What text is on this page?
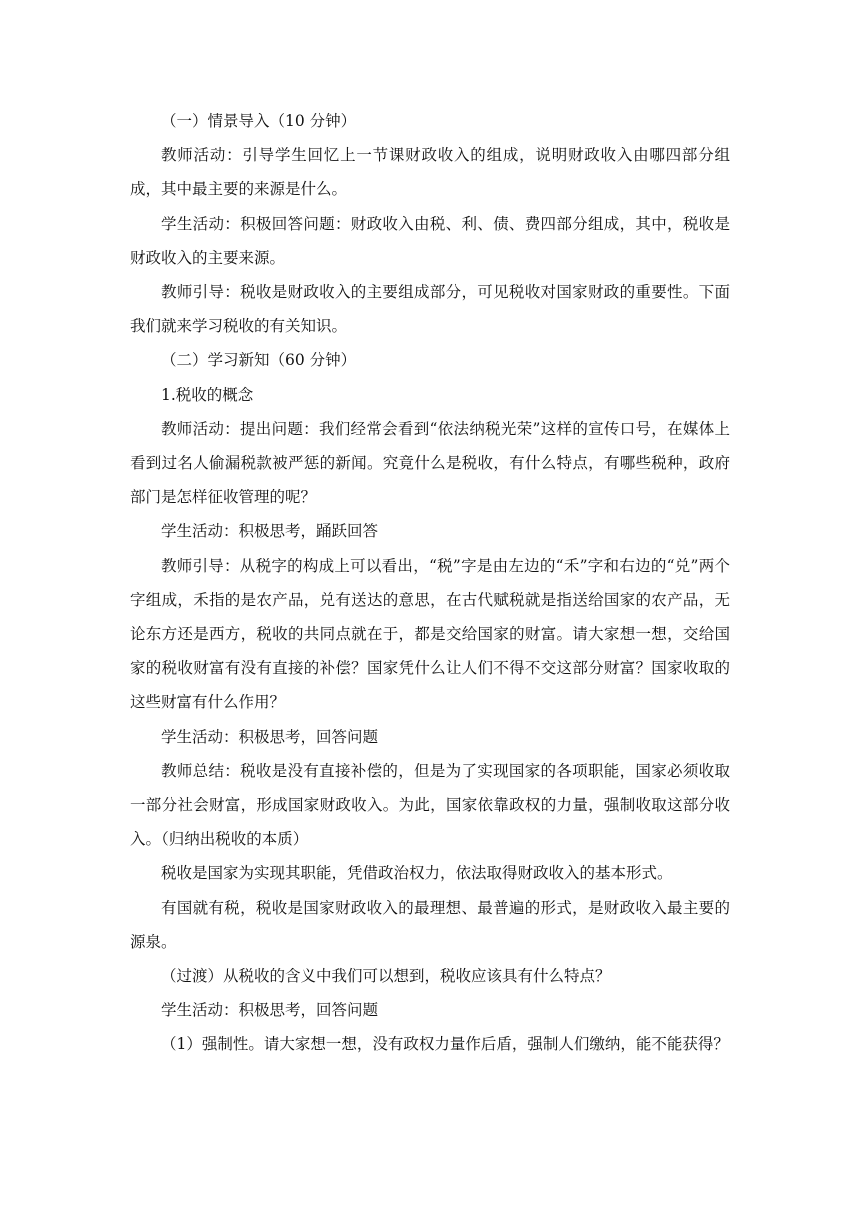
（一）情景导入（10 分钟）

教师活动：引导学生回忆上一节课财政收入的组成，说明财政收入由哪四部分组成，其中最主要的来源是什么。

学生活动：积极回答问题：财政收入由税、利、债、费四部分组成，其中，税收是财政收入的主要来源。

教师引导：税收是财政收入的主要组成部分，可见税收对国家财政的重要性。下面我们就来学习税收的有关知识。

（二）学习新知（60 分钟）

1.税收的概念

教师活动：提出问题：我们经常会看到“依法纳税光荣”这样的宣传口号，在媒体上看到过名人偷漏税款被严惩的新闻。究竟什么是税收，有什么特点，有哪些税种，政府部门是怎样征收管理的呢？

学生活动：积极思考，踊跃回答

教师引导：从税字的构成上可以看出，“税”字是由左边的“禾”字和右边的“兑”两个字组成，禾指的是农产品，兑有送达的意思，在古代赋税就是指送给国家的农产品，无论东方还是西方，税收的共同点就在于，都是交给国家的财富。请大家想一想，交给国家的税收财富有没有直接的补偿？国家凭什么让人们不得不交这部分财富？国家收取的这些财富有什么作用？

学生活动：积极思考，回答问题

教师总结：税收是没有直接补偿的，但是为了实现国家的各项职能，国家必须收取一部分社会财富，形成国家财政收入。为此，国家依靠政权的力量，强制收取这部分收入。（归纳出税收的本质）

税收是国家为实现其职能，凭借政治权力，依法取得财政收入的基本形式。

有国就有税，税收是国家财政收入的最理想、最普遍的形式，是财政收入最主要的源泉。

（过渡）从税收的含义中我们可以想到，税收应该具有什么特点？

学生活动：积极思考，回答问题

（1）强制性。请大家想一想，没有政权力量作后盾，强制人们缴纳，能不能获得？
